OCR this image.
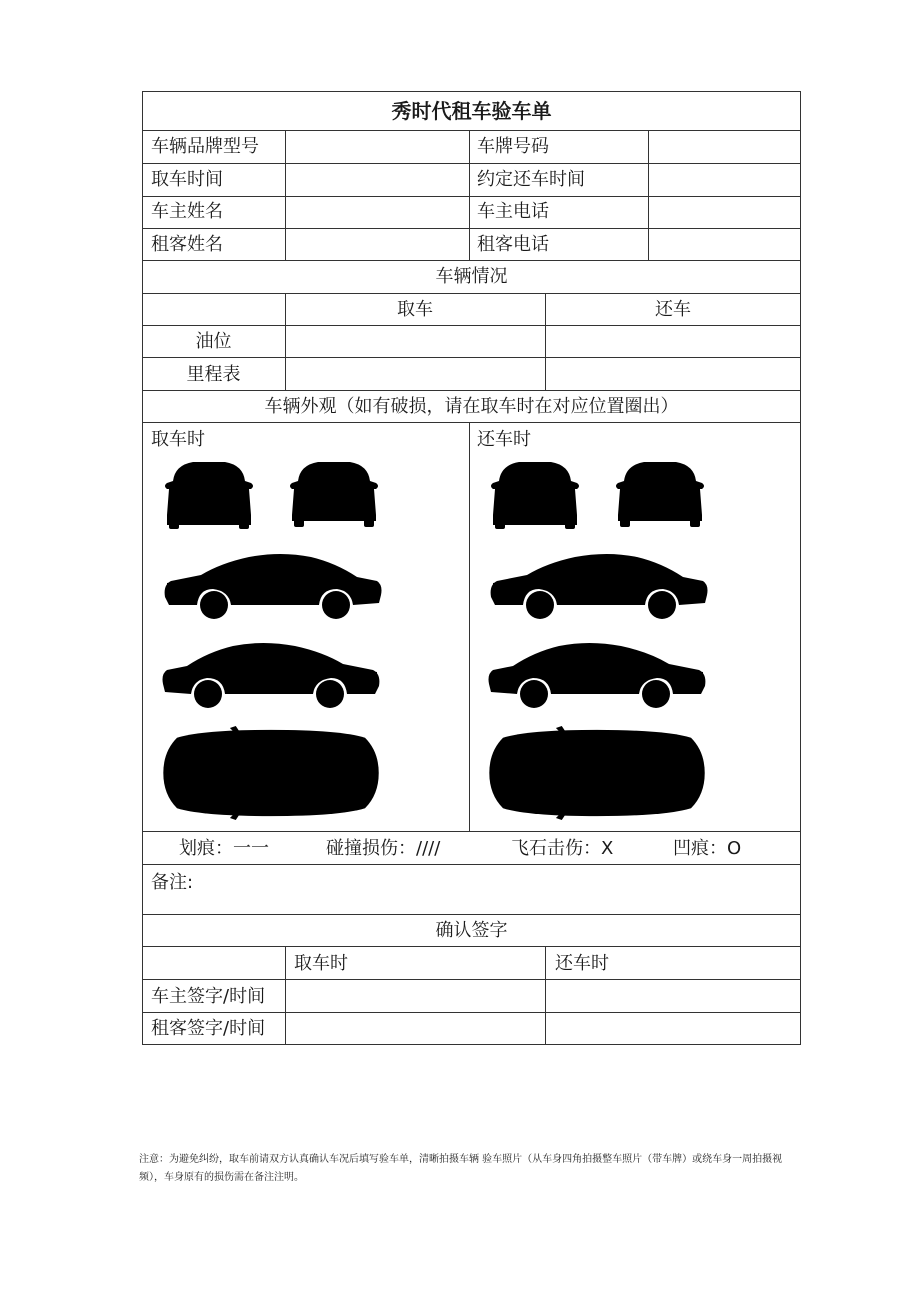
秀时代租车验车单
车辆品牌型号	车牌号码
取车时间	约定还车时间
车主姓名	车主电话
租客姓名	租客电话
车辆情况
取车	还车
油位
里程表
车辆外观（如有破损，请在取车时在对应位置圈出）
取车时	还车时
划痕：一一	碰撞损伤：////	飞石击伤：X	凹痕：O
备注:
确认签字
取车时	还车时
车主签字/时间
租客签字/时间
注意：为避免纠纷，取车前请双方认真确认车况后填写验车单，清晰拍摄车辆 验车照片（从车身四角拍摄整车照片（带车牌）或绕车身一周拍摄视频），车身原有的损伤需在备注注明。
